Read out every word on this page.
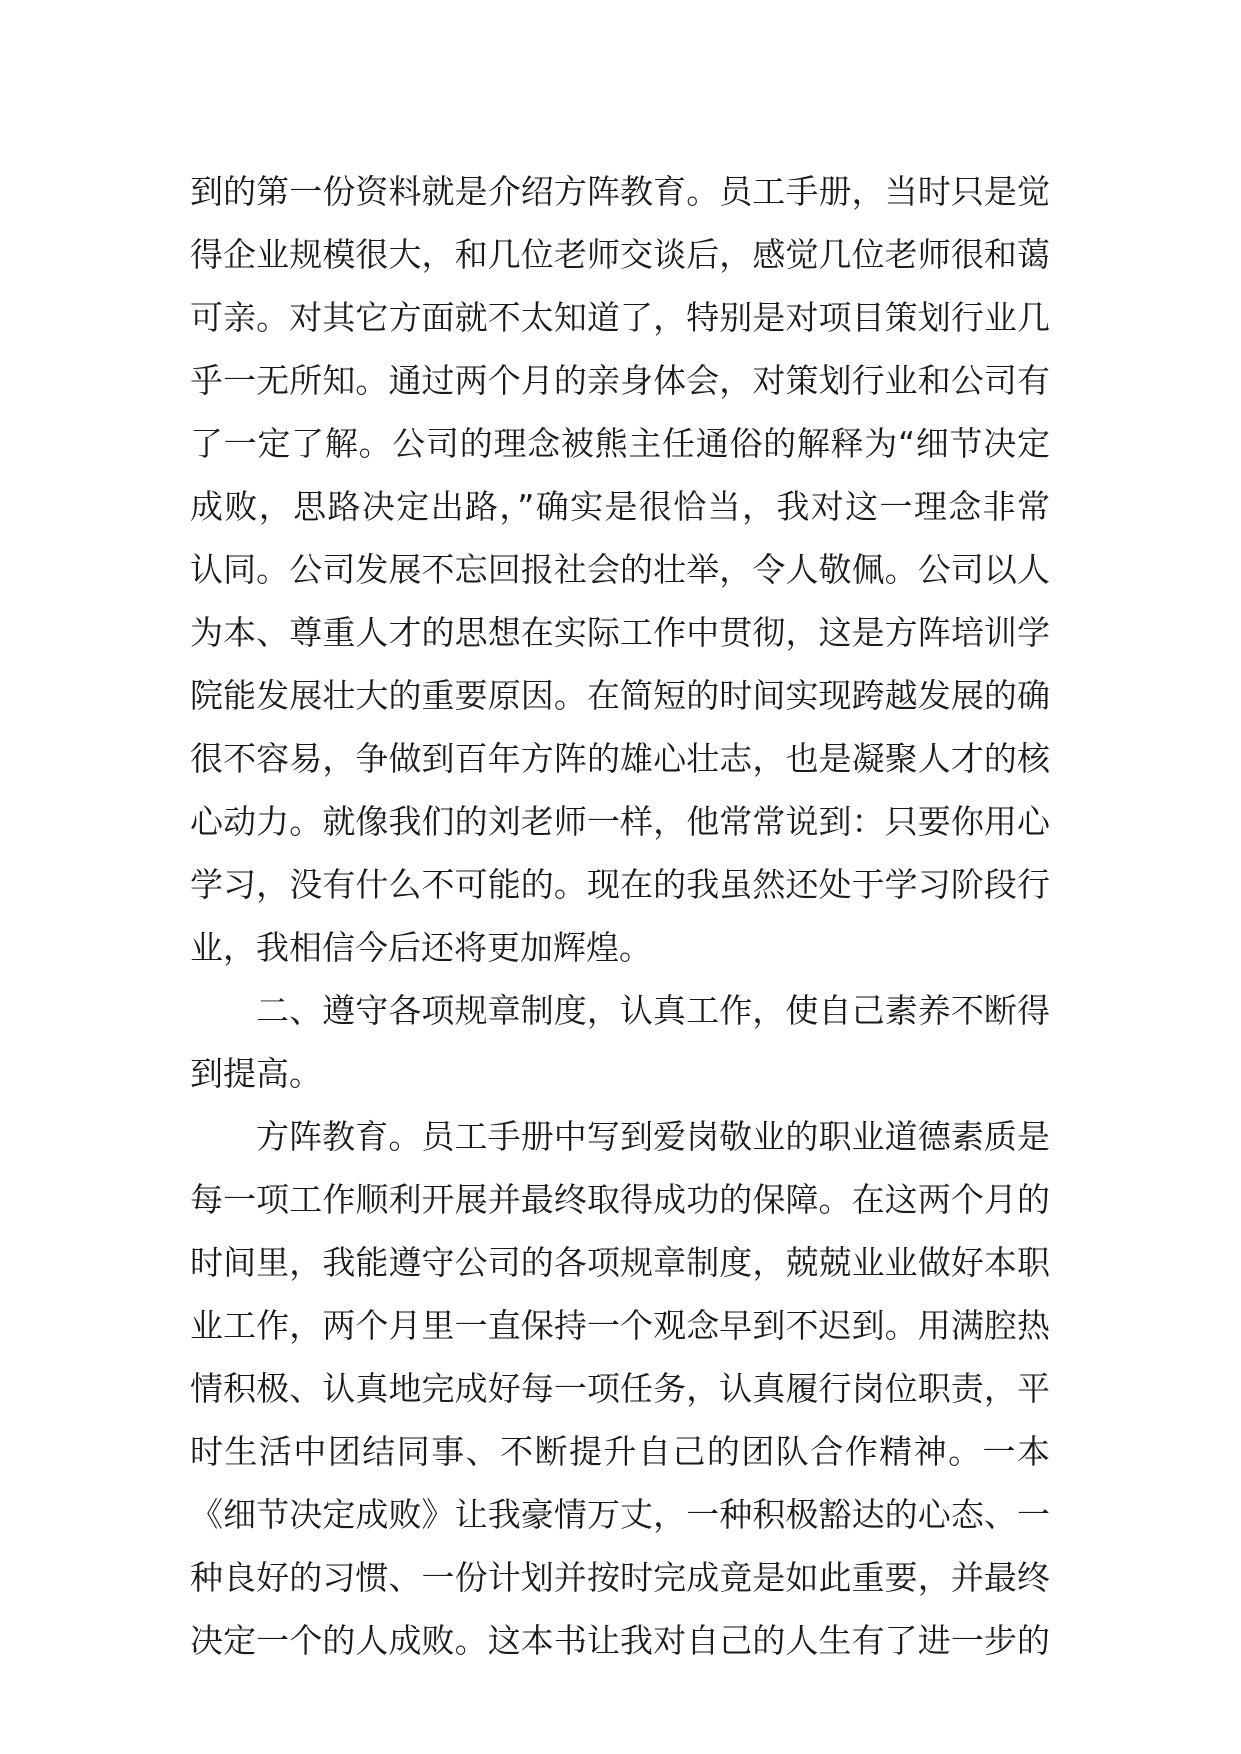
到的第一份资料就是介绍方阵教育。员工手册，当时只是觉
得企业规模很大，和几位老师交谈后，感觉几位老师很和蔼
可亲。对其它方面就不太知道了，特别是对项目策划行业几
乎一无所知。通过两个月的亲身体会，对策划行业和公司有
了一定了解。公司的理念被熊主任通俗的解释为“细节决定
成败，思路决定出路，”确实是很恰当，我对这一理念非常
认同。公司发展不忘回报社会的壮举，令人敬佩。公司以人
为本、尊重人才的思想在实际工作中贯彻，这是方阵培训学
院能发展壮大的重要原因。在简短的时间实现跨越发展的确
很不容易，争做到百年方阵的雄心壮志，也是凝聚人才的核
心动力。就像我们的刘老师一样，他常常说到：只要你用心
学习，没有什么不可能的。现在的我虽然还处于学习阶段行
业，我相信今后还将更加辉煌。
二、遵守各项规章制度，认真工作，使自己素养不断得
到提高。
方阵教育。员工手册中写到爱岗敬业的职业道德素质是
每一项工作顺利开展并最终取得成功的保障。在这两个月的
时间里，我能遵守公司的各项规章制度，兢兢业业做好本职
业工作，两个月里一直保持一个观念早到不迟到。用满腔热
情积极、认真地完成好每一项任务，认真履行岗位职责，平
时生活中团结同事、不断提升自己的团队合作精神。一本
《细节决定成败》让我豪情万丈，一种积极豁达的心态、一
种良好的习惯、一份计划并按时完成竟是如此重要，并最终
决定一个的人成败。这本书让我对自己的人生有了进一步的
